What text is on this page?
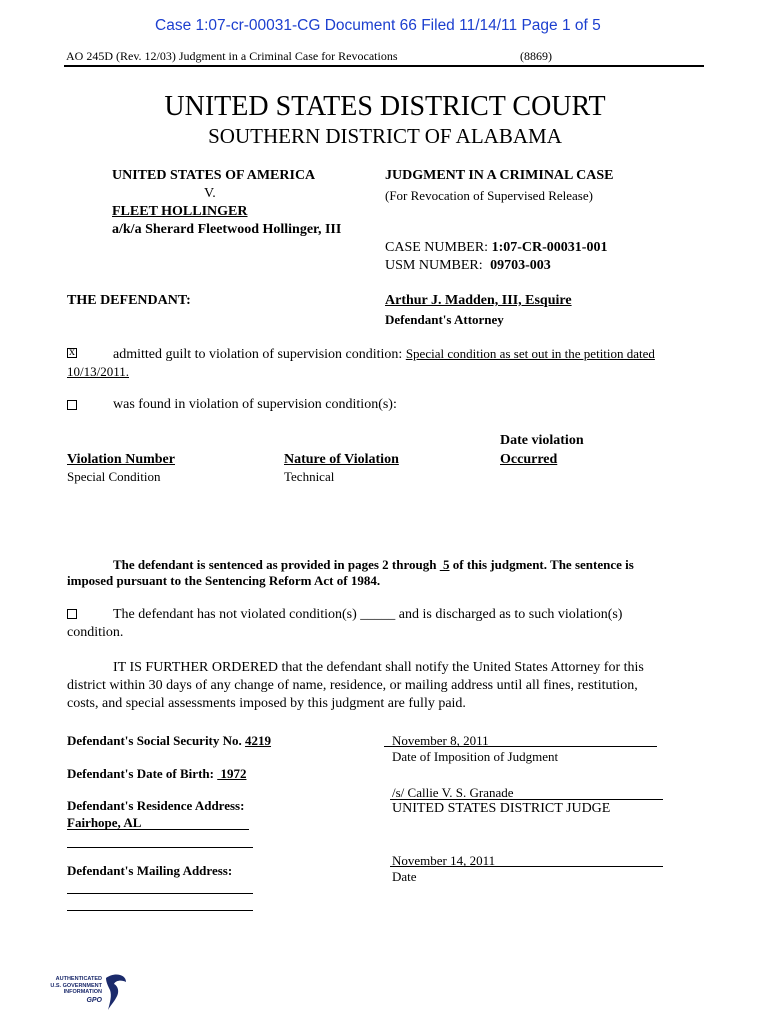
Case 1:07-cr-00031-CG Document 66 Filed 11/14/11 Page 1 of 5
AO 245D (Rev. 12/03) Judgment in a Criminal Case for Revocations	(8869)
UNITED STATES DISTRICT COURT
SOUTHERN DISTRICT OF ALABAMA
UNITED STATES OF AMERICA
V.
FLEET HOLLINGER
a/k/a Sherard Fleetwood Hollinger, III
JUDGMENT IN A CRIMINAL CASE
(For Revocation of Supervised Release)
CASE NUMBER: 1:07-CR-00031-001
USM NUMBER: 09703-003
THE DEFENDANT:	Arthur J. Madden, III, Esquire
Defendant's Attorney
x	admitted guilt to violation of supervision condition: Special condition as set out in the petition dated
10/13/2011.
was found in violation of supervision condition(s):
Date violation
Violation Number	Nature of Violation	Occurred
Special Condition	Technical
The defendant is sentenced as provided in pages 2 through 5 of this judgment. The sentence is
imposed pursuant to the Sentencing Reform Act of 1984.
The defendant has not violated condition(s) _____ and is discharged as to such violation(s)
condition.
IT IS FURTHER ORDERED that the defendant shall notify the United States Attorney for this
district within 30 days of any change of name, residence, or mailing address until all fines, restitution,
costs, and special assessments imposed by this judgment are fully paid.
Defendant's Social Security No. 4219
Defendant's Date of Birth: 1972
Defendant's Residence Address:
Fairhope, AL
Defendant's Mailing Address:
November 8, 2011
Date of Imposition of Judgment
/s/ Callie V. S. Granade
UNITED STATES DISTRICT JUDGE
November 14, 2011
Date
AUTHENTICATED
U.S. GOVERNMENT
INFORMATION
GPO
